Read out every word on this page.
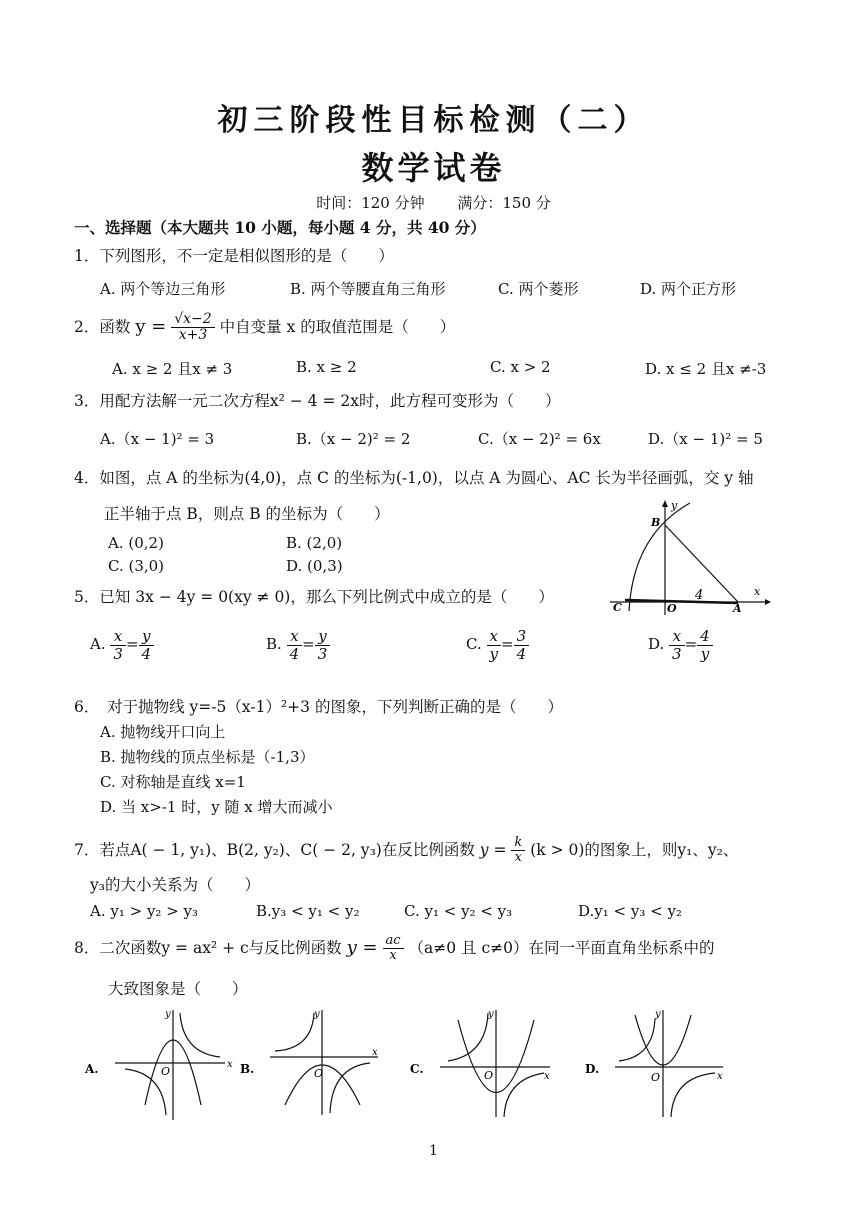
初三阶段性目标检测（二）
数学试卷
时间：120 分钟 满分：150 分
一、选择题（本大题共 10 小题，每小题 4 分，共 40 分）
1．下列图形，不一定是相似图形的是（　　）
A. 两个等边三角形	B. 两个等腰直角三角形	C. 两个菱形	D. 两个正方形
2．函数 $y = \frac{√x-2}{x+3}$ 中自变量 x 的取值范围是（　　）
A. x ≥ 2 且x ≠ 3	B. x ≥ 2	C. x > 2	D. x ≤ 2 且x ≠-3
3．用配方法解一元二次方程x² − 4 = 2x时，此方程可变形为（　　）
A.（x − 1)² = 3	B.（x − 2)² = 2	C.（x − 2)² = 6x	D.（x − 1)² = 5
4．如图，点 A 的坐标为(4,0)，点 C 的坐标为(-1,0)，以点 A 为圆心、AC 长为半径画弧，交 y 轴
正半轴于点 B，则点 B 的坐标为（　　）
A. (0,2)	B. (2,0)
C. (3,0)	D. (0,3)
x
y
B
C	O	A
4
5．已知 3x − 4y = 0(xy ≠ 0)，那么下列比例式中成立的是（　　）
A. $\frac{x}{3} = \frac{y}{4}$	B. $\frac{x}{4} = \frac{y}{3}$	C. $\frac{x}{y} = \frac{3}{4}$	D. $\frac{x}{3} = \frac{4}{y}$
6．　对于抛物线 y=-5（x-1）²+3 的图象，下列判断正确的是（　　）
A. 抛物线开口向上
B. 抛物线的顶点坐标是（-1,3）
C. 对称轴是直线 x=1
D. 当 x>-1 时，y 随 x 增大而减小
7．若点A( − 1, y₁)、B(2, y₂)、C( − 2, y₃)在反比例函数 $y = \frac{k}{x} (k > 0)$的图象上，则y₁、y₂、
y₃的大小关系为（　　）
A. y₁ > y₂ > y₃	B.y₃ < y₁ < y₂	C. y₁ < y₂ < y₃	D.y₁ < y₃ < y₂
8．二次函数y = ax² + c与反比例函数 $y = \frac{ac}{x} (a\ne 0$ 且 c≠0）在同一平面直角坐标系中的
大致图象是（　　）
A.	x
y
O	B.
x
y
O	C.
x
y
O	D.
x
y
O
1
